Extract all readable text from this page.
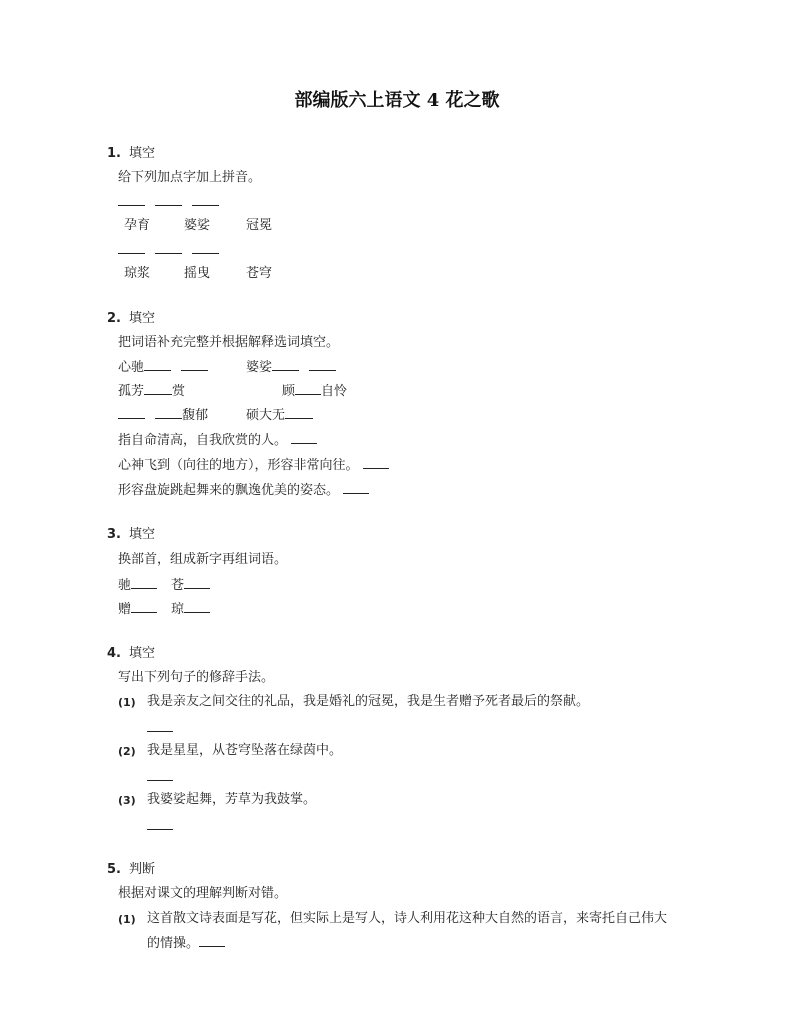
部编版六上语文 4 花之歌
1. 填空
给下列加点字加上拼音。

孕育	婆娑	冠冕

琼浆	摇曳	苍穹
2. 填空
把词语补充完整并根据解释选词填空。
心驰	婆娑
孤芳 赏	顾 自怜
馥郁	硕大无
指自命清高，自我欣赏的人。
心神飞到（向往的地方），形容非常向往。
形容盘旋跳起舞来的飘逸优美的姿态。
3. 填空
换部首，组成新字再组词语。
驰	苍
赠	琼
4. 填空
写出下列句子的修辞手法。
(1) 我是亲友之间交往的礼品，我是婚礼的冠冕，我是生者赠予死者最后的祭献。
(2) 我是星星，从苍穹坠落在绿茵中。
(3) 我婆娑起舞，芳草为我鼓掌。
5. 判断
根据对课文的理解判断对错。
(1) 这首散文诗表面是写花，但实际上是写人，诗人利用花这种大自然的语言，来寄托自己伟大
的情操。
